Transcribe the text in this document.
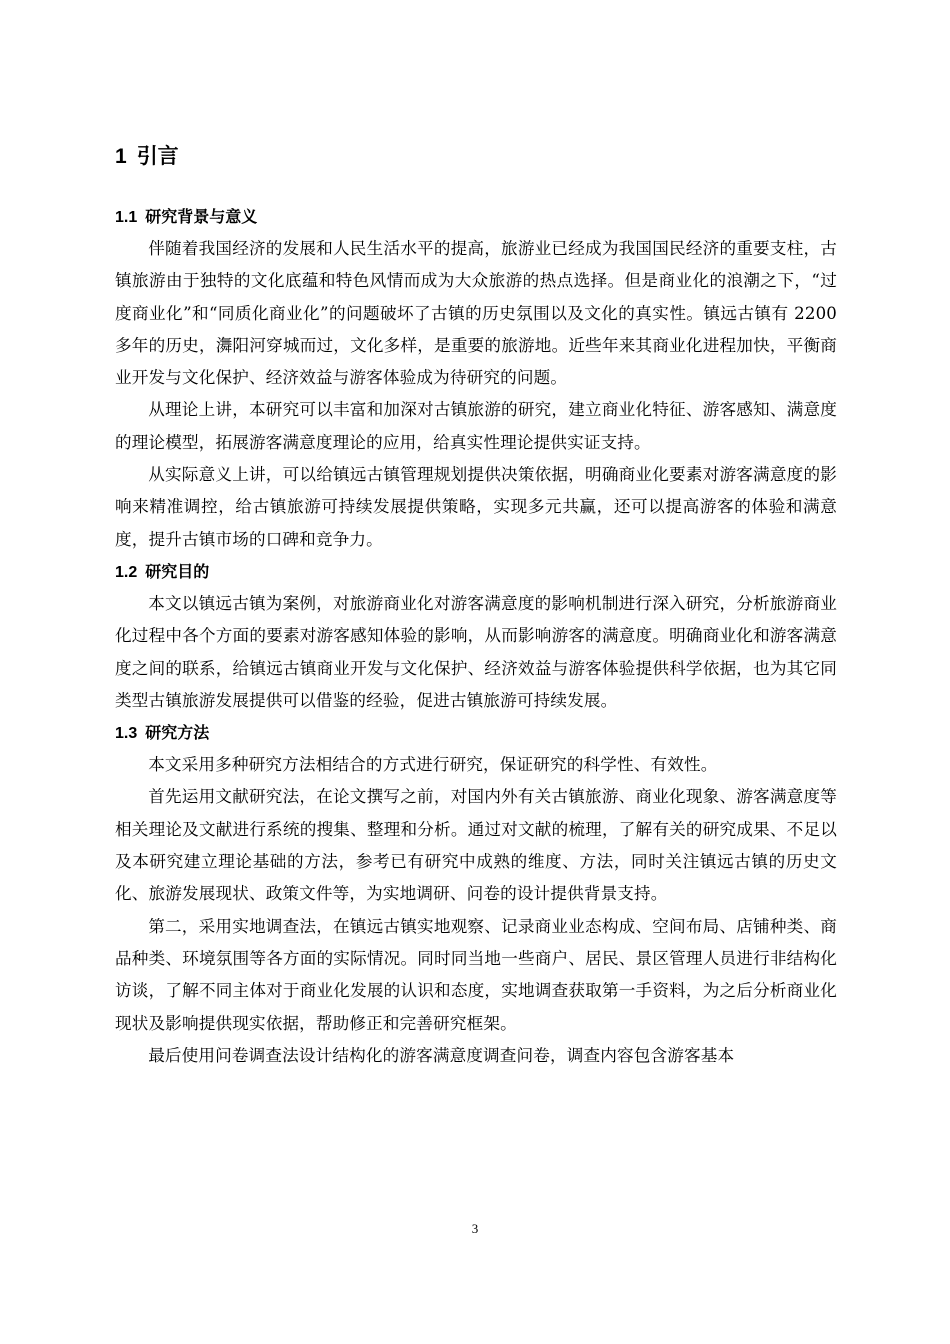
1 引言
1.1 研究背景与意义

伴随着我国经济的发展和人民生活水平的提高，旅游业已经成为我国国民经济的重要支柱，古镇旅游由于独特的文化底蕴和特色风情而成为大众旅游的热点选择。但是商业化的浪潮之下，“过度商业化”和“同质化商业化”的问题破坏了古镇的历史氛围以及文化的真实性。镇远古镇有 2200 多年的历史，㵲阳河穿城而过，文化多样，是重要的旅游地。近些年来其商业化进程加快，平衡商业开发与文化保护、经济效益与游客体验成为待研究的问题。

从理论上讲，本研究可以丰富和加深对古镇旅游的研究，建立商业化特征、游客感知、满意度的理论模型，拓展游客满意度理论的应用，给真实性理论提供实证支持。

从实际意义上讲，可以给镇远古镇管理规划提供决策依据，明确商业化要素对游客满意度的影响来精准调控，给古镇旅游可持续发展提供策略，实现多元共赢，还可以提高游客的体验和满意度，提升古镇市场的口碑和竞争力。

1.2 研究目的

本文以镇远古镇为案例，对旅游商业化对游客满意度的影响机制进行深入研究，分析旅游商业化过程中各个方面的要素对游客感知体验的影响，从而影响游客的满意度。明确商业化和游客满意度之间的联系，给镇远古镇商业开发与文化保护、经济效益与游客体验提供科学依据，也为其它同类型古镇旅游发展提供可以借鉴的经验，促进古镇旅游可持续发展。

1.3 研究方法

本文采用多种研究方法相结合的方式进行研究，保证研究的科学性、有效性。

首先运用文献研究法，在论文撰写之前，对国内外有关古镇旅游、商业化现象、游客满意度等相关理论及文献进行系统的搜集、整理和分析。通过对文献的梳理，了解有关的研究成果、不足以及本研究建立理论基础的方法，参考已有研究中成熟的维度、方法，同时关注镇远古镇的历史文化、旅游发展现状、政策文件等，为实地调研、问卷的设计提供背景支持。

第二，采用实地调查法，在镇远古镇实地观察、记录商业业态构成、空间布局、店铺种类、商品种类、环境氛围等各方面的实际情况。同时同当地一些商户、居民、景区管理人员进行非结构化访谈，了解不同主体对于商业化发展的认识和态度，实地调查获取第一手资料，为之后分析商业化现状及影响提供现实依据，帮助修正和完善研究框架。

最后使用问卷调查法设计结构化的游客满意度调查问卷，调查内容包含游客基本

3
